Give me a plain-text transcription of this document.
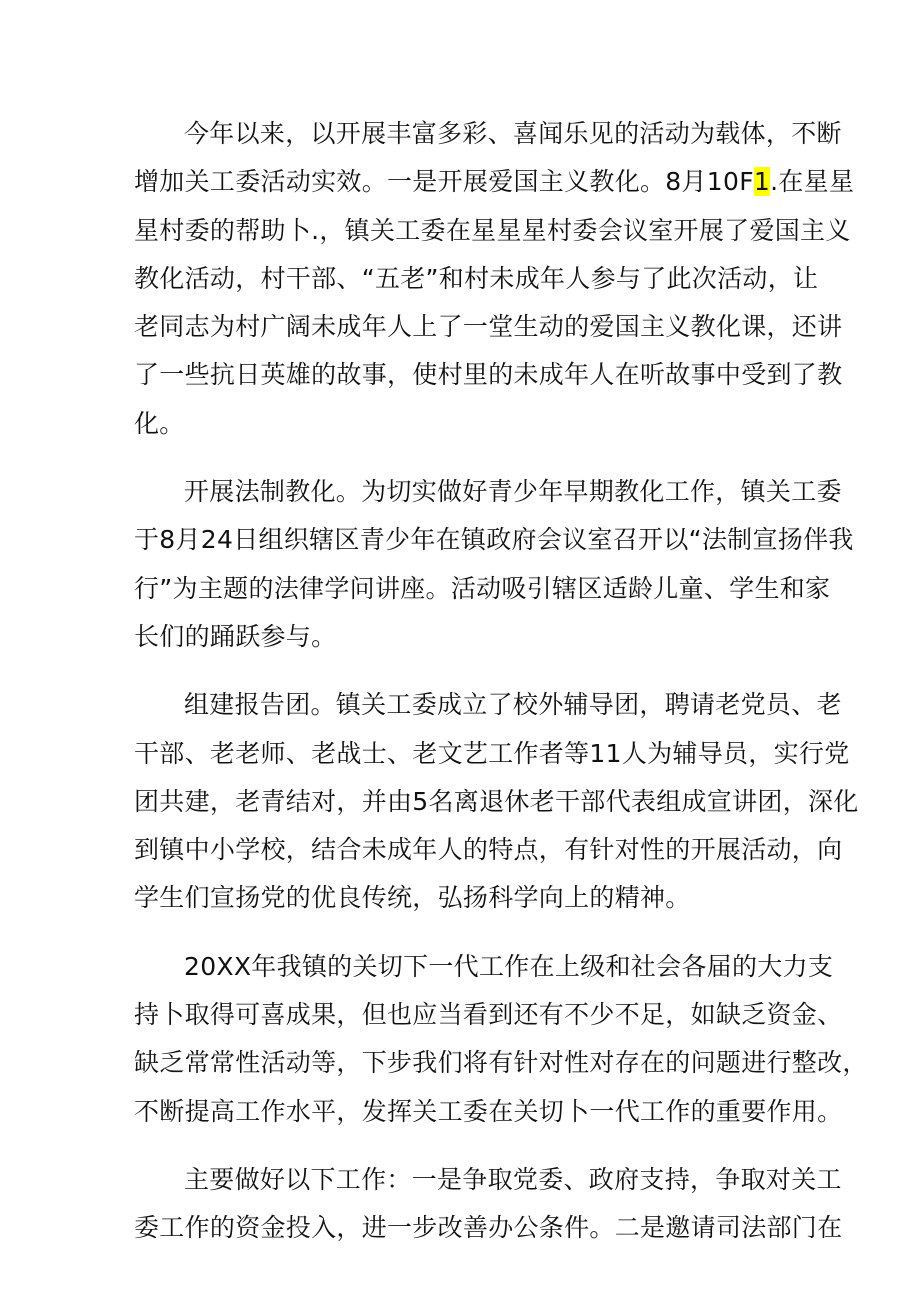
今年以来，以开展丰富多彩、喜闻乐见的活动为载体，不断
增加关工委活动实效。一是开展爱国主义教化。8月10F1.在星星
星村委的帮助卜.，镇关工委在星星星村委会议室开展了爱国主义
教化活动，村干部、“五老”和村未成年人参与了此次活动，让
老同志为村广阔未成年人上了一堂生动的爱国主义教化课，还讲
了一些抗日英雄的故事，使村里的未成年人在听故事中受到了教
化。
开展法制教化。为切实做好青少年早期教化工作，镇关工委
于8月24日组织辖区青少年在镇政府会议室召开以“法制宣扬伴我
行”为主题的法律学问讲座。活动吸引辖区适龄儿童、学生和家
长们的踊跃参与。
组建报告团。镇关工委成立了校外辅导团，聘请老党员、老
干部、老老师、老战士、老文艺工作者等11人为辅导员，实行党
团共建，老青结对，并由5名离退休老干部代表组成宣讲团，深化
到镇中小学校，结合未成年人的特点，有针对性的开展活动，向
学生们宣扬党的优良传统，弘扬科学向上的精神。
20XX年我镇的关切下一代工作在上级和社会各届的大力支
持卜取得可喜成果，但也应当看到还有不少不足，如缺乏资金、
缺乏常常性活动等，下步我们将有针对性对存在的问题进行整改，
不断提高工作水平，发挥关工委在关切卜一代工作的重要作用。
主要做好以下工作：一是争取党委、政府支持，争取对关工
委工作的资金投入，进一步改善办公条件。二是邀请司法部门在
